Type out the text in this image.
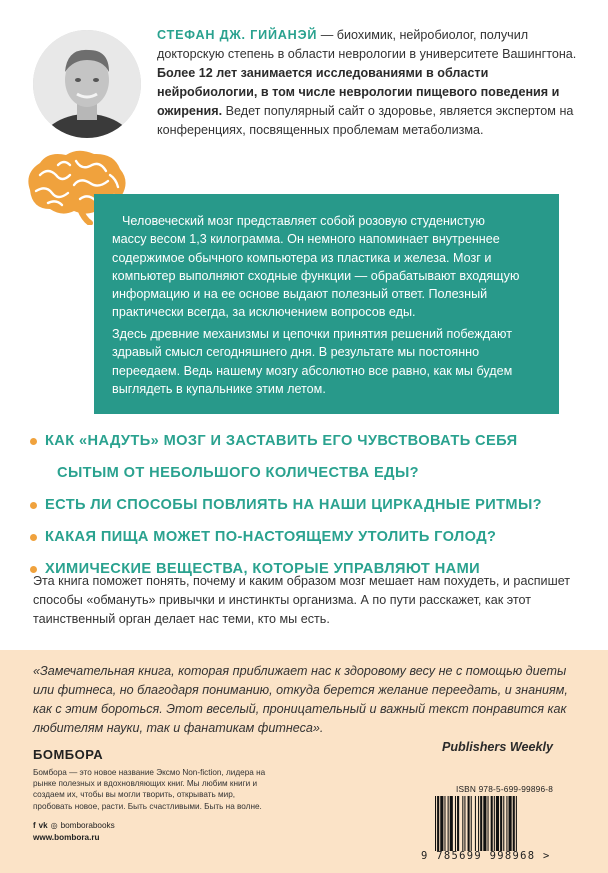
СТЕФАН ДЖ. ГИЙАНЭЙ — биохимик, нейробиолог, получил докторскую степень в области неврологии в университете Вашингтона. Более 12 лет занимается исследованиями в области нейробиологии, в том числе неврологии пищевого поведения и ожирения. Ведет популярный сайт о здоровье, является экспертом на конференциях, посвященных проблемам метаболизма.

Человеческий мозг представляет собой розовую студенистую
массу весом 1,3 килограмма. Он немного напоминает внутреннее содержимое обычного компьютера из пластика и железа. Мозг и компьютер выполняют сходные функции — обрабатывают входящую информацию и на ее основе выдают полезный ответ. Полезный практически всегда, за исключением вопросов еды.

Здесь древние механизмы и цепочки принятия решений побеждают здравый смысл сегодняшнего дня. В результате мы постоянно переедаем. Ведь нашему мозгу абсолютно все равно, как мы будем выглядеть в купальнике этим летом.

КАК «НАДУТЬ» МОЗГ И ЗАСТАВИТЬ ЕГО ЧУВСТВОВАТЬ СЕБЯ
СЫТЫМ ОТ НЕБОЛЬШОГО КОЛИЧЕСТВА ЕДЫ?
ЕСТЬ ЛИ СПОСОБЫ ПОВЛИЯТЬ НА НАШИ ЦИРКАДНЫЕ РИТМЫ?
КАКАЯ ПИЩА МОЖЕТ ПО-НАСТОЯЩЕМУ УТОЛИТЬ ГОЛОД?
ХИМИЧЕСКИЕ ВЕЩЕСТВА, КОТОРЫЕ УПРАВЛЯЮТ НАМИ

Эта книга поможет понять, почему и каким образом мозг мешает нам похудеть, и распишет способы «обмануть» привычки и инстинкты организма. А по пути расскажет, как этот таинственный орган делает нас теми, кто мы есть.

«Замечательная книга, которая приближает нас к здоровому весу не с помощью диеты или фитнеса, но благодаря пониманию, откуда берется желание переедать, и знаниям, как с этим бороться. Этот веселый, проницательный и важный текст понравится как любителям науки, так и фанатикам фитнеса».

Publishers Weekly
БОМБОРА

Бомбора — это новое название Эксмо Non-fiction, лидера на рынке полезных и вдохновляющих книг. Мы любим книги и создаем их, чтобы вы могли творить, открывать мир, пробовать новое, расти. Быть счастливыми. Быть на волне.

f vk ◎ bomborabooks
www.bombora.ru
ISBN 978-5-699-99896-8
9 785699 998968 >
